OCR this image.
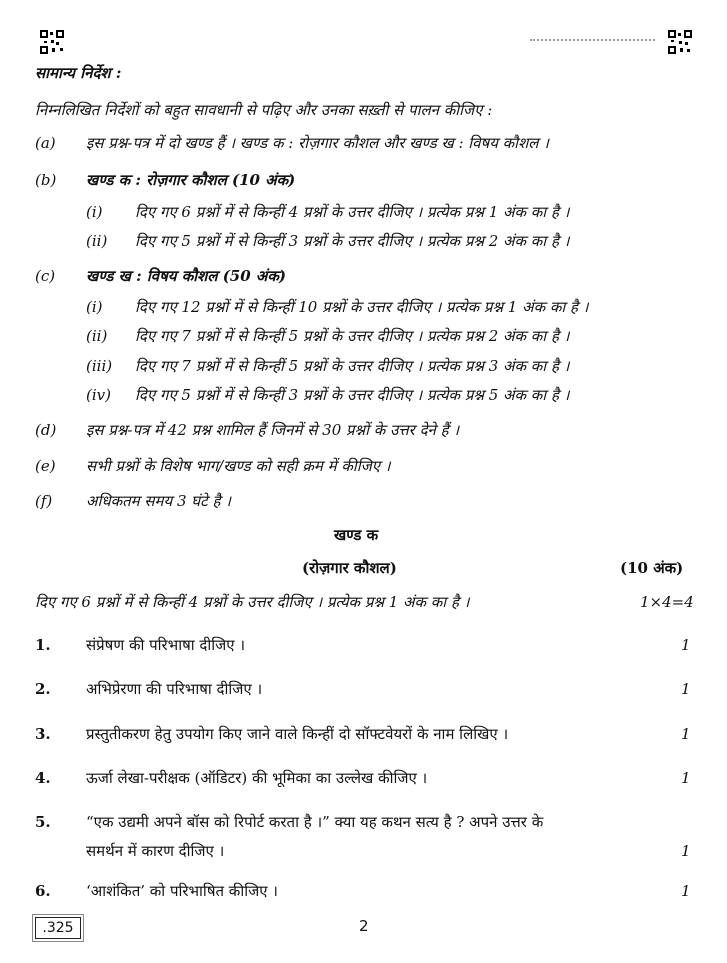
सामान्य निर्देश :
निम्नलिखित निर्देशों को बहुत सावधानी से पढ़िए और उनका सख़्ती से पालन कीजिए :
(a) इस प्रश्न-पत्र में दो खण्ड हैं । खण्ड क : रोज़गार कौशल और खण्ड ख : विषय कौशल ।
(b) खण्ड क : रोज़गार कौशल (10 अंक)
(i) दिए गए 6 प्रश्नों में से किन्हीं 4 प्रश्नों के उत्तर दीजिए । प्रत्येक प्रश्न 1 अंक का है ।
(ii) दिए गए 5 प्रश्नों में से किन्हीं 3 प्रश्नों के उत्तर दीजिए । प्रत्येक प्रश्न 2 अंक का है ।
(c) खण्ड ख : विषय कौशल (50 अंक)
(i) दिए गए 12 प्रश्नों में से किन्हीं 10 प्रश्नों के उत्तर दीजिए । प्रत्येक प्रश्न 1 अंक का है ।
(ii) दिए गए 7 प्रश्नों में से किन्हीं 5 प्रश्नों के उत्तर दीजिए । प्रत्येक प्रश्न 2 अंक का है ।
(iii) दिए गए 7 प्रश्नों में से किन्हीं 5 प्रश्नों के उत्तर दीजिए । प्रत्येक प्रश्न 3 अंक का है ।
(iv) दिए गए 5 प्रश्नों में से किन्हीं 3 प्रश्नों के उत्तर दीजिए । प्रत्येक प्रश्न 5 अंक का है ।
(d) इस प्रश्न-पत्र में 42 प्रश्न शामिल हैं जिनमें से 30 प्रश्नों के उत्तर देने हैं ।
(e) सभी प्रश्नों के विशेष भाग/खण्ड को सही क्रम में कीजिए ।
(f) अधिकतम समय 3 घंटे है ।
खण्ड क
(रोज़गार कौशल)	(10 अंक)
दिए गए 6 प्रश्नों में से किन्हीं 4 प्रश्नों के उत्तर दीजिए । प्रत्येक प्रश्न 1 अंक का है ।	1×4=4
1. संप्रेषण की परिभाषा दीजिए ।	1
2. अभिप्रेरणा की परिभाषा दीजिए ।	1
3. प्रस्तुतीकरण हेतु उपयोग किए जाने वाले किन्हीं दो सॉफ्टवेयरों के नाम लिखिए ।	1
4. ऊर्जा लेखा-परीक्षक (ऑडिटर) की भूमिका का उल्लेख कीजिए ।	1
5. “एक उद्यमी अपने बॉस को रिपोर्ट करता है ।” क्या यह कथन सत्य है ? अपने उत्तर के
समर्थन में कारण दीजिए ।	1
6. ‘आशंकित’ को परिभाषित कीजिए ।	1
.325	2
